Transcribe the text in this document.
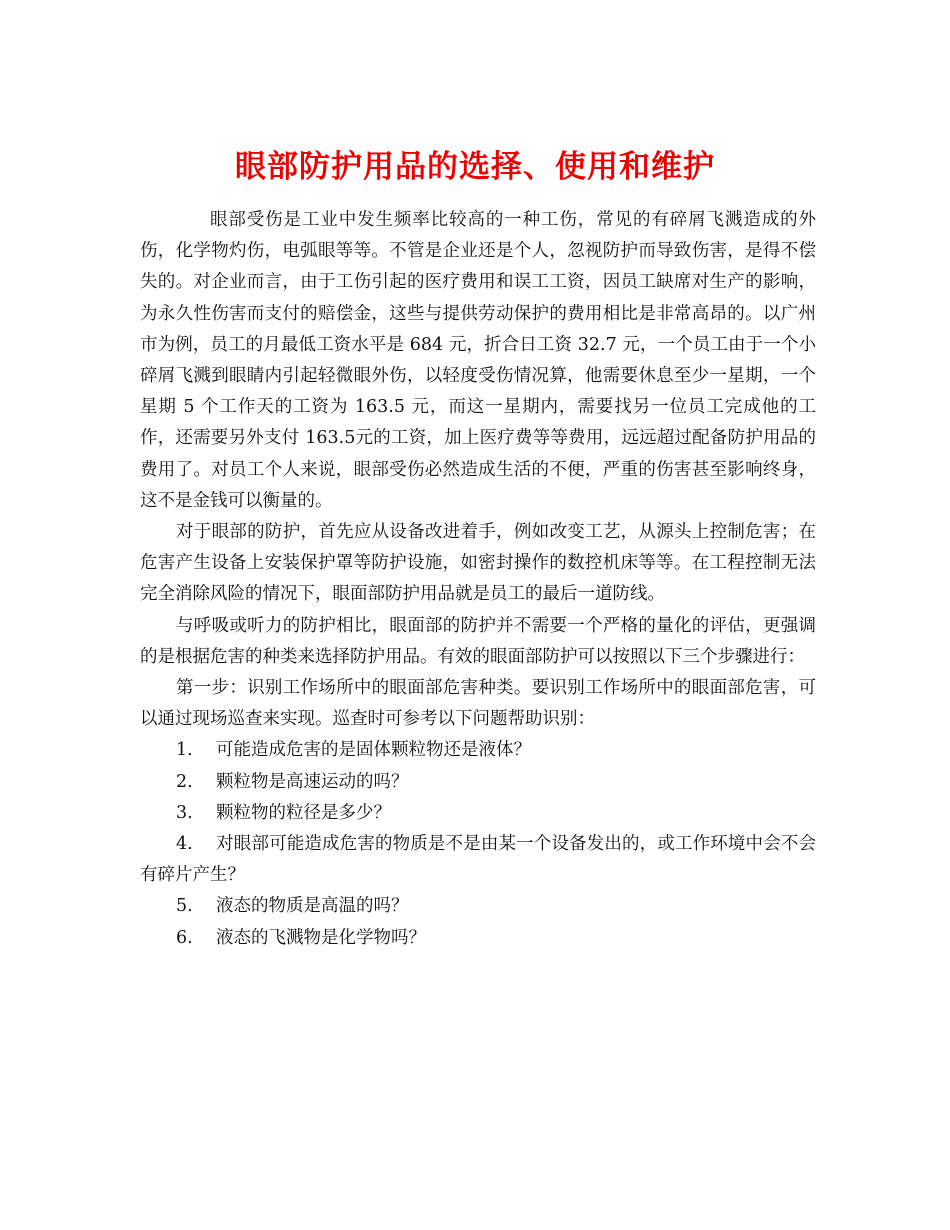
眼部防护用品的选择、使用和维护

眼部受伤是工业中发生频率比较高的一种工伤，常见的有碎屑飞溅造成的外伤，化学物灼伤，电弧眼等等。不管是企业还是个人，忽视防护而导致伤害，是得不偿失的。对企业而言，由于工伤引起的医疗费用和误工工资，因员工缺席对生产的影响，为永久性伤害而支付的赔偿金，这些与提供劳动保护的费用相比是非常高昂的。以广州市为例，员工的月最低工资水平是 684 元，折合日工资 32.7 元，一个员工由于一个小碎屑飞溅到眼睛内引起轻微眼外伤，以轻度受伤情况算，他需要休息至少一星期，一个星期 5 个工作天的工资为 163.5 元，而这一星期内，需要找另一位员工完成他的工作，还需要另外支付 163.5元的工资，加上医疗费等等费用，远远超过配备防护用品的费用了。对员工个人来说，眼部受伤必然造成生活的不便，严重的伤害甚至影响终身，这不是金钱可以衡量的。

对于眼部的防护，首先应从设备改进着手，例如改变工艺，从源头上控制危害；在危害产生设备上安装保护罩等防护设施，如密封操作的数控机床等等。在工程控制无法完全消除风险的情况下，眼面部防护用品就是员工的最后一道防线。

与呼吸或听力的防护相比，眼面部的防护并不需要一个严格的量化的评估，更强调的是根据危害的种类来选择防护用品。有效的眼面部防护可以按照以下三个步骤进行：

第一步：识别工作场所中的眼面部危害种类。要识别工作场所中的眼面部危害，可以通过现场巡查来实现。巡查时可参考以下问题帮助识别：

1. 可能造成危害的是固体颗粒物还是液体？

2. 颗粒物是高速运动的吗？

3. 颗粒物的粒径是多少？

4. 对眼部可能造成危害的物质是不是由某一个设备发出的，或工作环境中会不会有碎片产生？

5. 液态的物质是高温的吗？

6. 液态的飞溅物是化学物吗？
